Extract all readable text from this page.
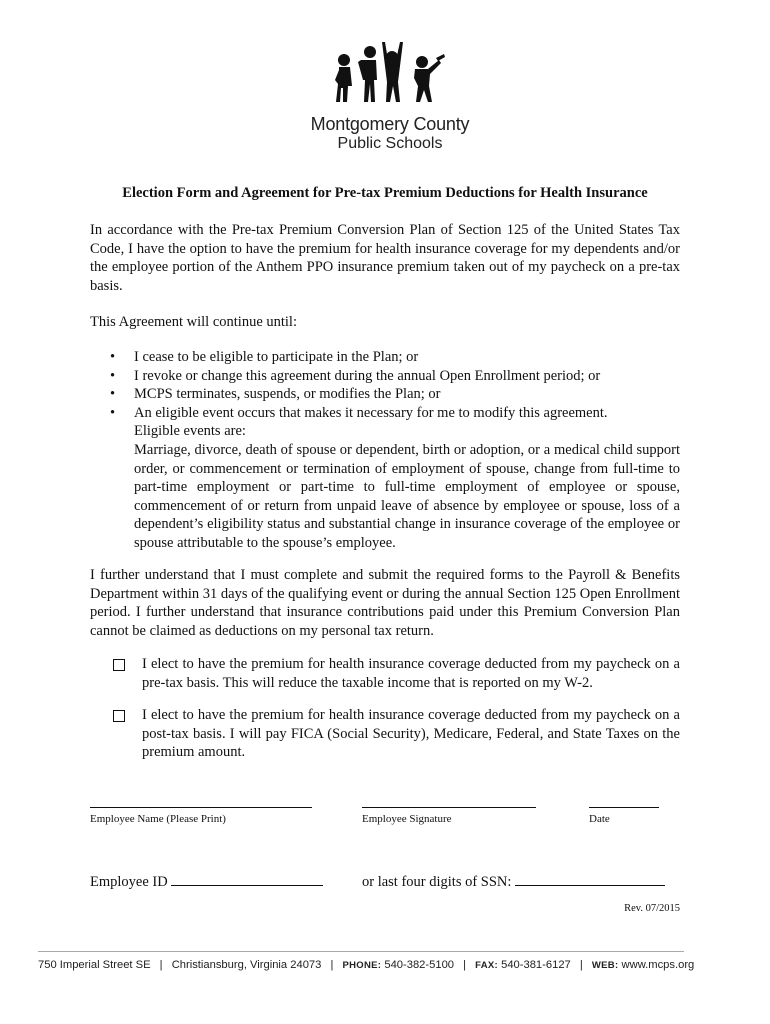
Montgomery County
Public Schools
Election Form and Agreement for Pre-tax Premium Deductions for Health Insurance
In accordance with the Pre-tax Premium Conversion Plan of Section 125 of the United States Tax Code, I have the option to have the premium for health insurance coverage for my dependents and/or the employee portion of the Anthem PPO insurance premium taken out of my paycheck on a pre-tax basis.
This Agreement will continue until:
• I cease to be eligible to participate in the Plan; or
• I revoke or change this agreement during the annual Open Enrollment period; or
• MCPS terminates, suspends, or modifies the Plan; or
• An eligible event occurs that makes it necessary for me to modify this agreement.
Eligible events are:
Marriage, divorce, death of spouse or dependent, birth or adoption, or a medical child support order, or commencement or termination of employment of spouse, change from full-time to part-time employment or part-time to full-time employment of employee or spouse, commencement of or return from unpaid leave of absence by employee or spouse, loss of a dependent’s eligibility status and substantial change in insurance coverage of the employee or spouse attributable to the spouse’s employee.
I further understand that I must complete and submit the required forms to the Payroll & Benefits Department within 31 days of the qualifying event or during the annual Section 125 Open Enrollment period. I further understand that insurance contributions paid under this Premium Conversion Plan cannot be claimed as deductions on my personal tax return.
I elect to have the premium for health insurance coverage deducted from my paycheck on a pre-tax basis. This will reduce the taxable income that is reported on my W-2.
I elect to have the premium for health insurance coverage deducted from my paycheck on a post-tax basis. I will pay FICA (Social Security), Medicare, Federal, and State Taxes on the premium amount.
Employee Name (Please Print)	Employee Signature	Date
Employee ID	or last four digits of SSN:
Rev. 07/2015
750 Imperial Street SE | Christiansburg, Virginia 24073 | PHONE: 540-382-5100 | FAX: 540-381-6127 | WEB: www.mcps.org
